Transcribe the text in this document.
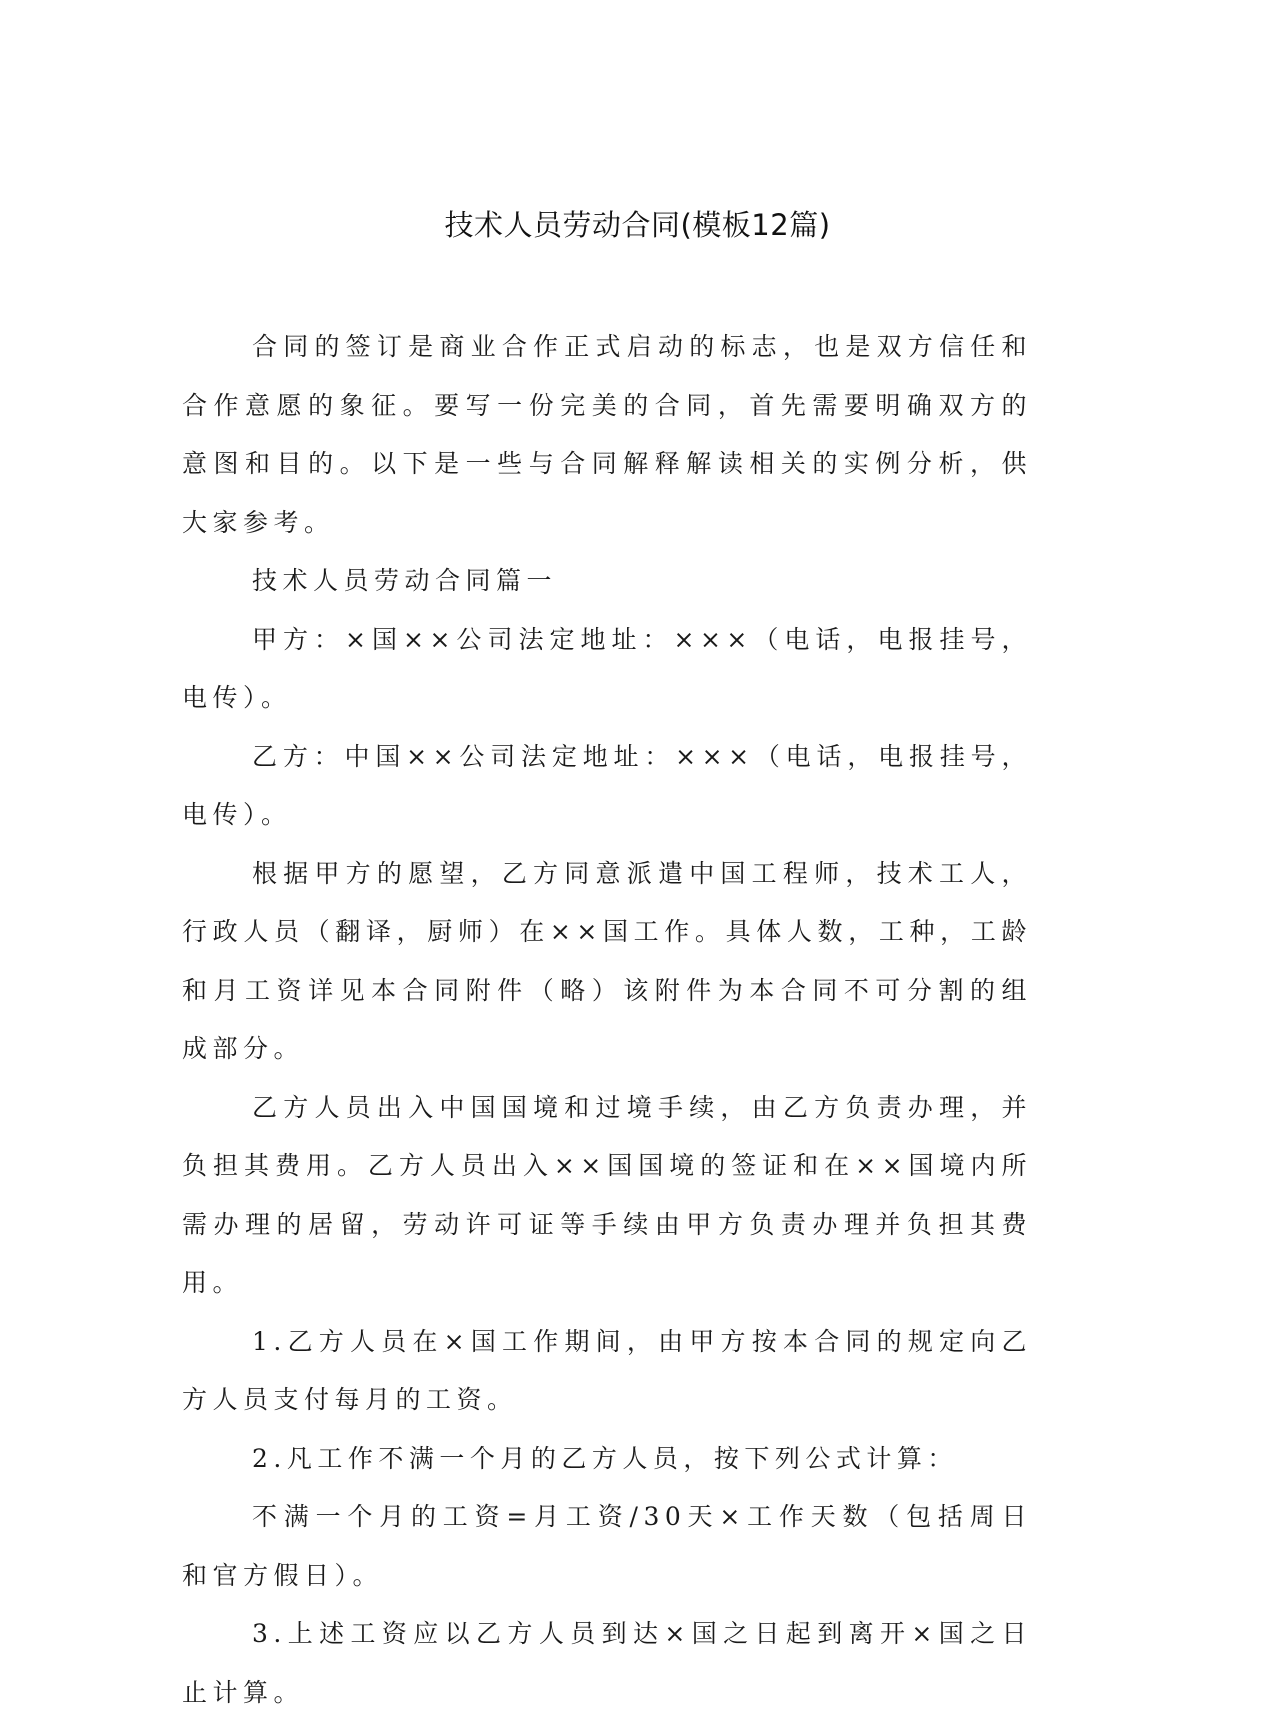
技术人员劳动合同(模板12篇)

合同的签订是商业合作正式启动的标志，也是双方信任和合作意愿的象征。要写一份完美的合同，首先需要明确双方的意图和目的。以下是一些与合同解释解读相关的实例分析，供大家参考。

技术人员劳动合同篇一

甲方：×国××公司法定地址：×××（电话，电报挂号，电传）。

乙方：中国××公司法定地址：×××（电话，电报挂号，电传）。

根据甲方的愿望，乙方同意派遣中国工程师，技术工人，行政人员（翻译，厨师）在××国工作。具体人数，工种，工龄和月工资详见本合同附件（略）该附件为本合同不可分割的组成部分。

乙方人员出入中国国境和过境手续，由乙方负责办理，并负担其费用。乙方人员出入××国国境的签证和在××国境内所需办理的居留，劳动许可证等手续由甲方负责办理并负担其费用。

1.乙方人员在×国工作期间，由甲方按本合同的规定向乙方人员支付每月的工资。

2.凡工作不满一个月的乙方人员，按下列公式计算：

不满一个月的工资=月工资/30天×工作天数（包括周日和官方假日）。

3.上述工资应以乙方人员到达×国之日起到离开×国之日止计算。
